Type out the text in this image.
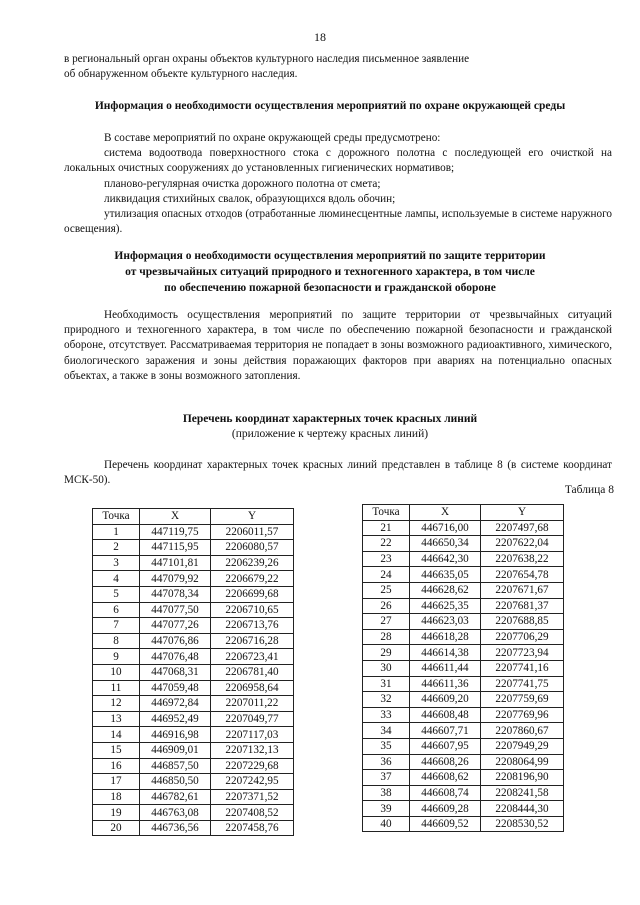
18

в региональный орган охраны объектов культурного наследия письменное заявление
об обнаруженном объекте культурного наследия.

Информация о необходимости осуществления мероприятий по охране окружающей среды

В составе мероприятий по охране окружающей среды предусмотрено:

система водоотвода поверхностного стока с дорожного полотна с последующей его очисткой на локальных очистных сооружениях до установленных гигиенических нормативов;

планово-регулярная очистка дорожного полотна от смета;

ликвидация стихийных свалок, образующихся вдоль обочин;

утилизация опасных отходов (отработанные люминесцентные лампы, используемые в системе наружного освещения).

Информация о необходимости осуществления мероприятий по защите территории
от чрезвычайных ситуаций природного и техногенного характера, в том числе
по обеспечению пожарной безопасности и гражданской обороне

Необходимость осуществления мероприятий по защите территории от чрезвычайных ситуаций природного и техногенного характера, в том числе по обеспечению пожарной безопасности и гражданской обороне, отсутствует. Рассматриваемая территория не попадает в зоны возможного радиоактивного, химического, биологического заражения и зоны действия поражающих факторов при авариях на потенциально опасных объектах, а также в зоны возможного затопления.

Перечень координат характерных точек красных линий

(приложение к чертежу красных линий)

Перечень координат характерных точек красных линий представлен в таблице 8 (в системе координат МСК-50).

Таблица 8
Точка	X	Y
1	447119,75	2206011,57
2	447115,95	2206080,57
3	447101,81	2206239,26
4	447079,92	2206679,22
5	447078,34	2206699,68
6	447077,50	2206710,65
7	447077,26	2206713,76
8	447076,86	2206716,28
9	447076,48	2206723,41
10	447068,31	2206781,40
11	447059,48	2206958,64
12	446972,84	2207011,22
13	446952,49	2207049,77
14	446916,98	2207117,03
15	446909,01	2207132,13
16	446857,50	2207229,68
17	446850,50	2207242,95
18	446782,61	2207371,52
19	446763,08	2207408,52
20	446736,56	2207458,76
Точка	X	Y
21	446716,00	2207497,68
22	446650,34	2207622,04
23	446642,30	2207638,22
24	446635,05	2207654,78
25	446628,62	2207671,67
26	446625,35	2207681,37
27	446623,03	2207688,85
28	446618,28	2207706,29
29	446614,38	2207723,94
30	446611,44	2207741,16
31	446611,36	2207741,75
32	446609,20	2207759,69
33	446608,48	2207769,96
34	446607,71	2207860,67
35	446607,95	2207949,29
36	446608,26	2208064,99
37	446608,62	2208196,90
38	446608,74	2208241,58
39	446609,28	2208444,30
40	446609,52	2208530,52
